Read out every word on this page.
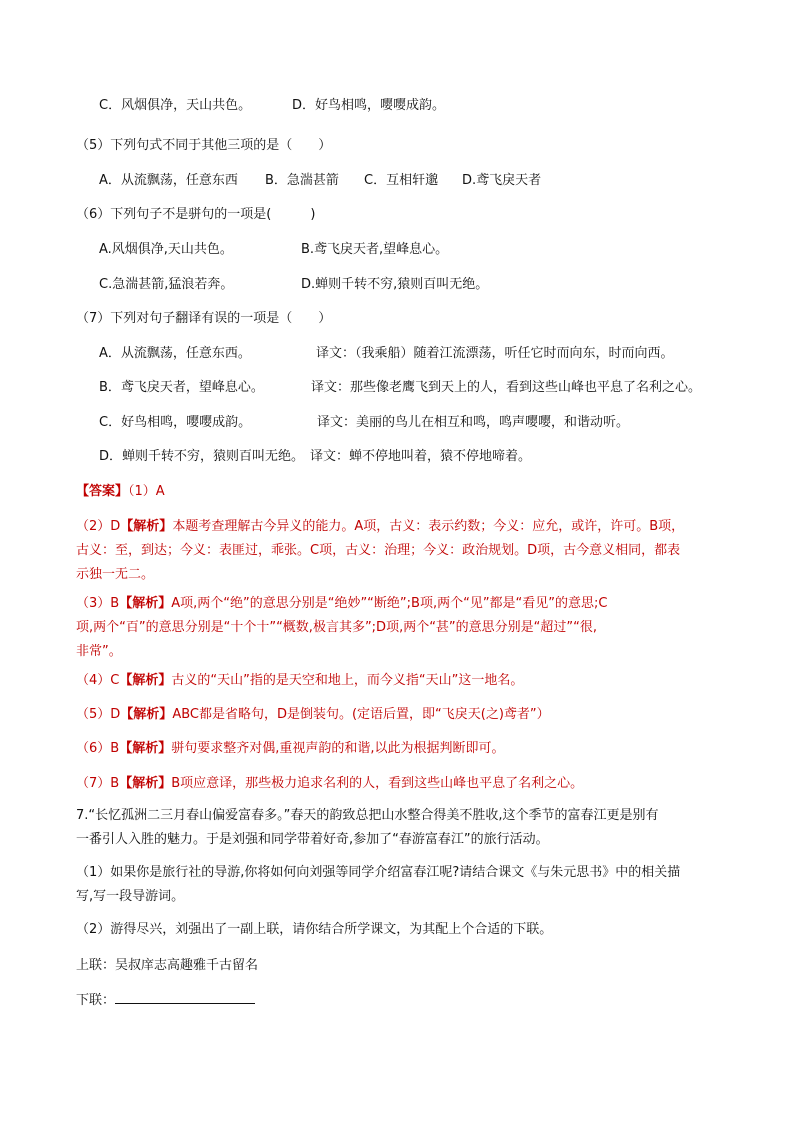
C．风烟俱净，天山共色。	D．好鸟相鸣，嘤嘤成韵。
（5）下列句式不同于其他三项的是（　　）
A．从流飘荡，任意东西 B．急湍甚箭 C．互相轩邈 D.鸢飞戾天者
（6）下列句子不是骈句的一项是(　　　)
A.风烟俱净,天山共色。	B.鸢飞戾天者,望峰息心。
C.急湍甚箭,猛浪若奔。	D.蝉则千转不穷,猿则百叫无绝。
（7）下列对句子翻译有误的一项是（　　）
A．从流飘荡，任意东西。	译文：（我乘船）随着江流漂荡，听任它时而向东，时而向西。
B．鸢飞戾天者，望峰息心。	译文：那些像老鹰飞到天上的人，看到这些山峰也平息了名利之心。
C．好鸟相鸣，嘤嘤成韵。	译文：美丽的鸟儿在相互和鸣，鸣声嘤嘤，和谐动听。
D．蝉则千转不穷，猿则百叫无绝。 译文：蝉不停地叫着，猿不停地啼着。
【答案】（1）A
（2）D【解析】本题考查理解古今异义的能力。A项，古义：表示约数；今义：应允，或许，许可。B项，
古义：至，到达；今义：表匪过，乖张。C项，古义：治理；今义：政治规划。D项，古今意义相同，都表
示独一无二。
（3）B【解析】A项,两个“绝”的意思分别是“绝妙”“断绝”;B项,两个“见”都是“看见”的意思;C
项,两个“百”的意思分别是“十个十”“概数,极言其多”;D项,两个“甚”的意思分别是“超过”“很,
非常”。
（4）C【解析】古义的“天山”指的是天空和地上，而今义指“天山”这一地名。
（5）D【解析】ABC都是省略句，D是倒装句。(定语后置，即“飞戾天(之)鸢者”）
（6）B【解析】骈句要求整齐对偶,重视声韵的和谐,以此为根据判断即可。
（7）B【解析】B项应意译，那些极力追求名利的人，看到这些山峰也平息了名利之心。
7.“长忆孤洲二三月春山偏爱富春多。”春天的韵致总把山水整合得美不胜收,这个季节的富春江更是别有
一番引人入胜的魅力。于是刘强和同学带着好奇,参加了“春游富春江”的旅行活动。
（1）如果你是旅行社的导游,你将如何向刘强等同学介绍富春江呢?请结合课文《与朱元思书》中的相关描
写,写一段导游词。
（2）游得尽兴，刘强出了一副上联，请你结合所学课文，为其配上个合适的下联。
上联：吴叔庠志高趣雅千古留名
下联：
